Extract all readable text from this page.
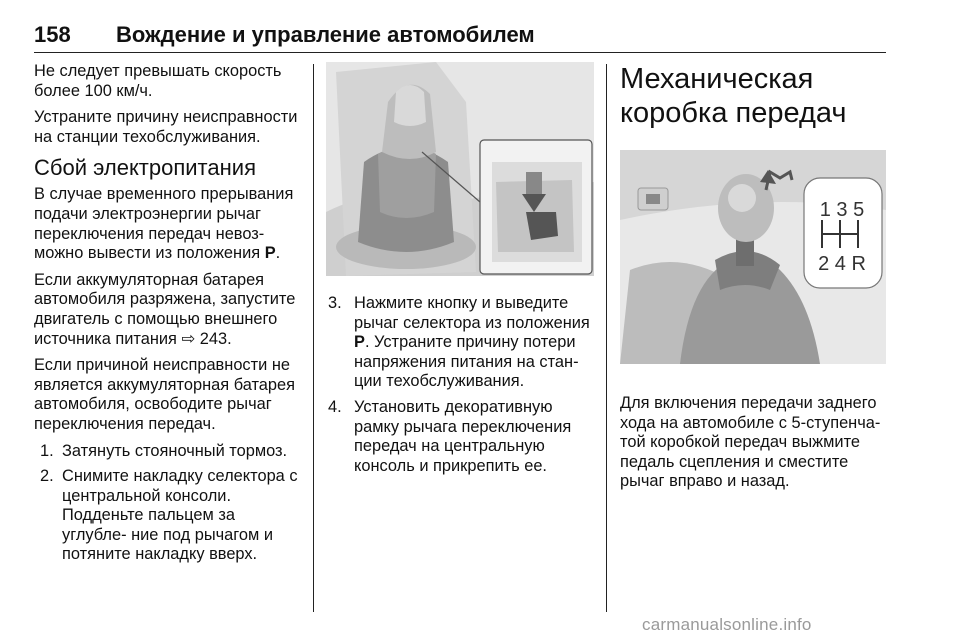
158 Вождение и управление автомобилем

Не следует превышать скорость более 100 км/ч.

Устраните причину неисправности на станции техобслуживания.

Сбой электропитания

В случае временного прерывания подачи электроэнергии рычаг переключения передач невоз- можно вывести из положения P.

Если аккумуляторная батарея автомобиля разряжена, запустите двигатель с помощью внешнего источника питания ⇨ 243.

Если причиной неисправности не является аккумуляторная батарея автомобиля, освободите рычаг переключения передач.

1. Затянуть стояночный тормоз.
2. Снимите накладку селектора с центральной консоли. Подденьте пальцем за углубле- ние под рычагом и потяните накладку вверх.
3. Нажмите кнопку и выведите рычаг селектора из положения P. Устраните причину потери напряжения питания на стан- ции техобслуживания.
4. Установить декоративную рамку рычага переключения передач на центральную консоль и прикрепить ее.
Механическая коробка передач
1 3 5
2 4 R

Для включения передачи заднего хода на автомобиле с 5-ступенча- той коробкой передач выжмите педаль сцепления и сместите рычаг вправо и назад.

carmanualsonline.info
